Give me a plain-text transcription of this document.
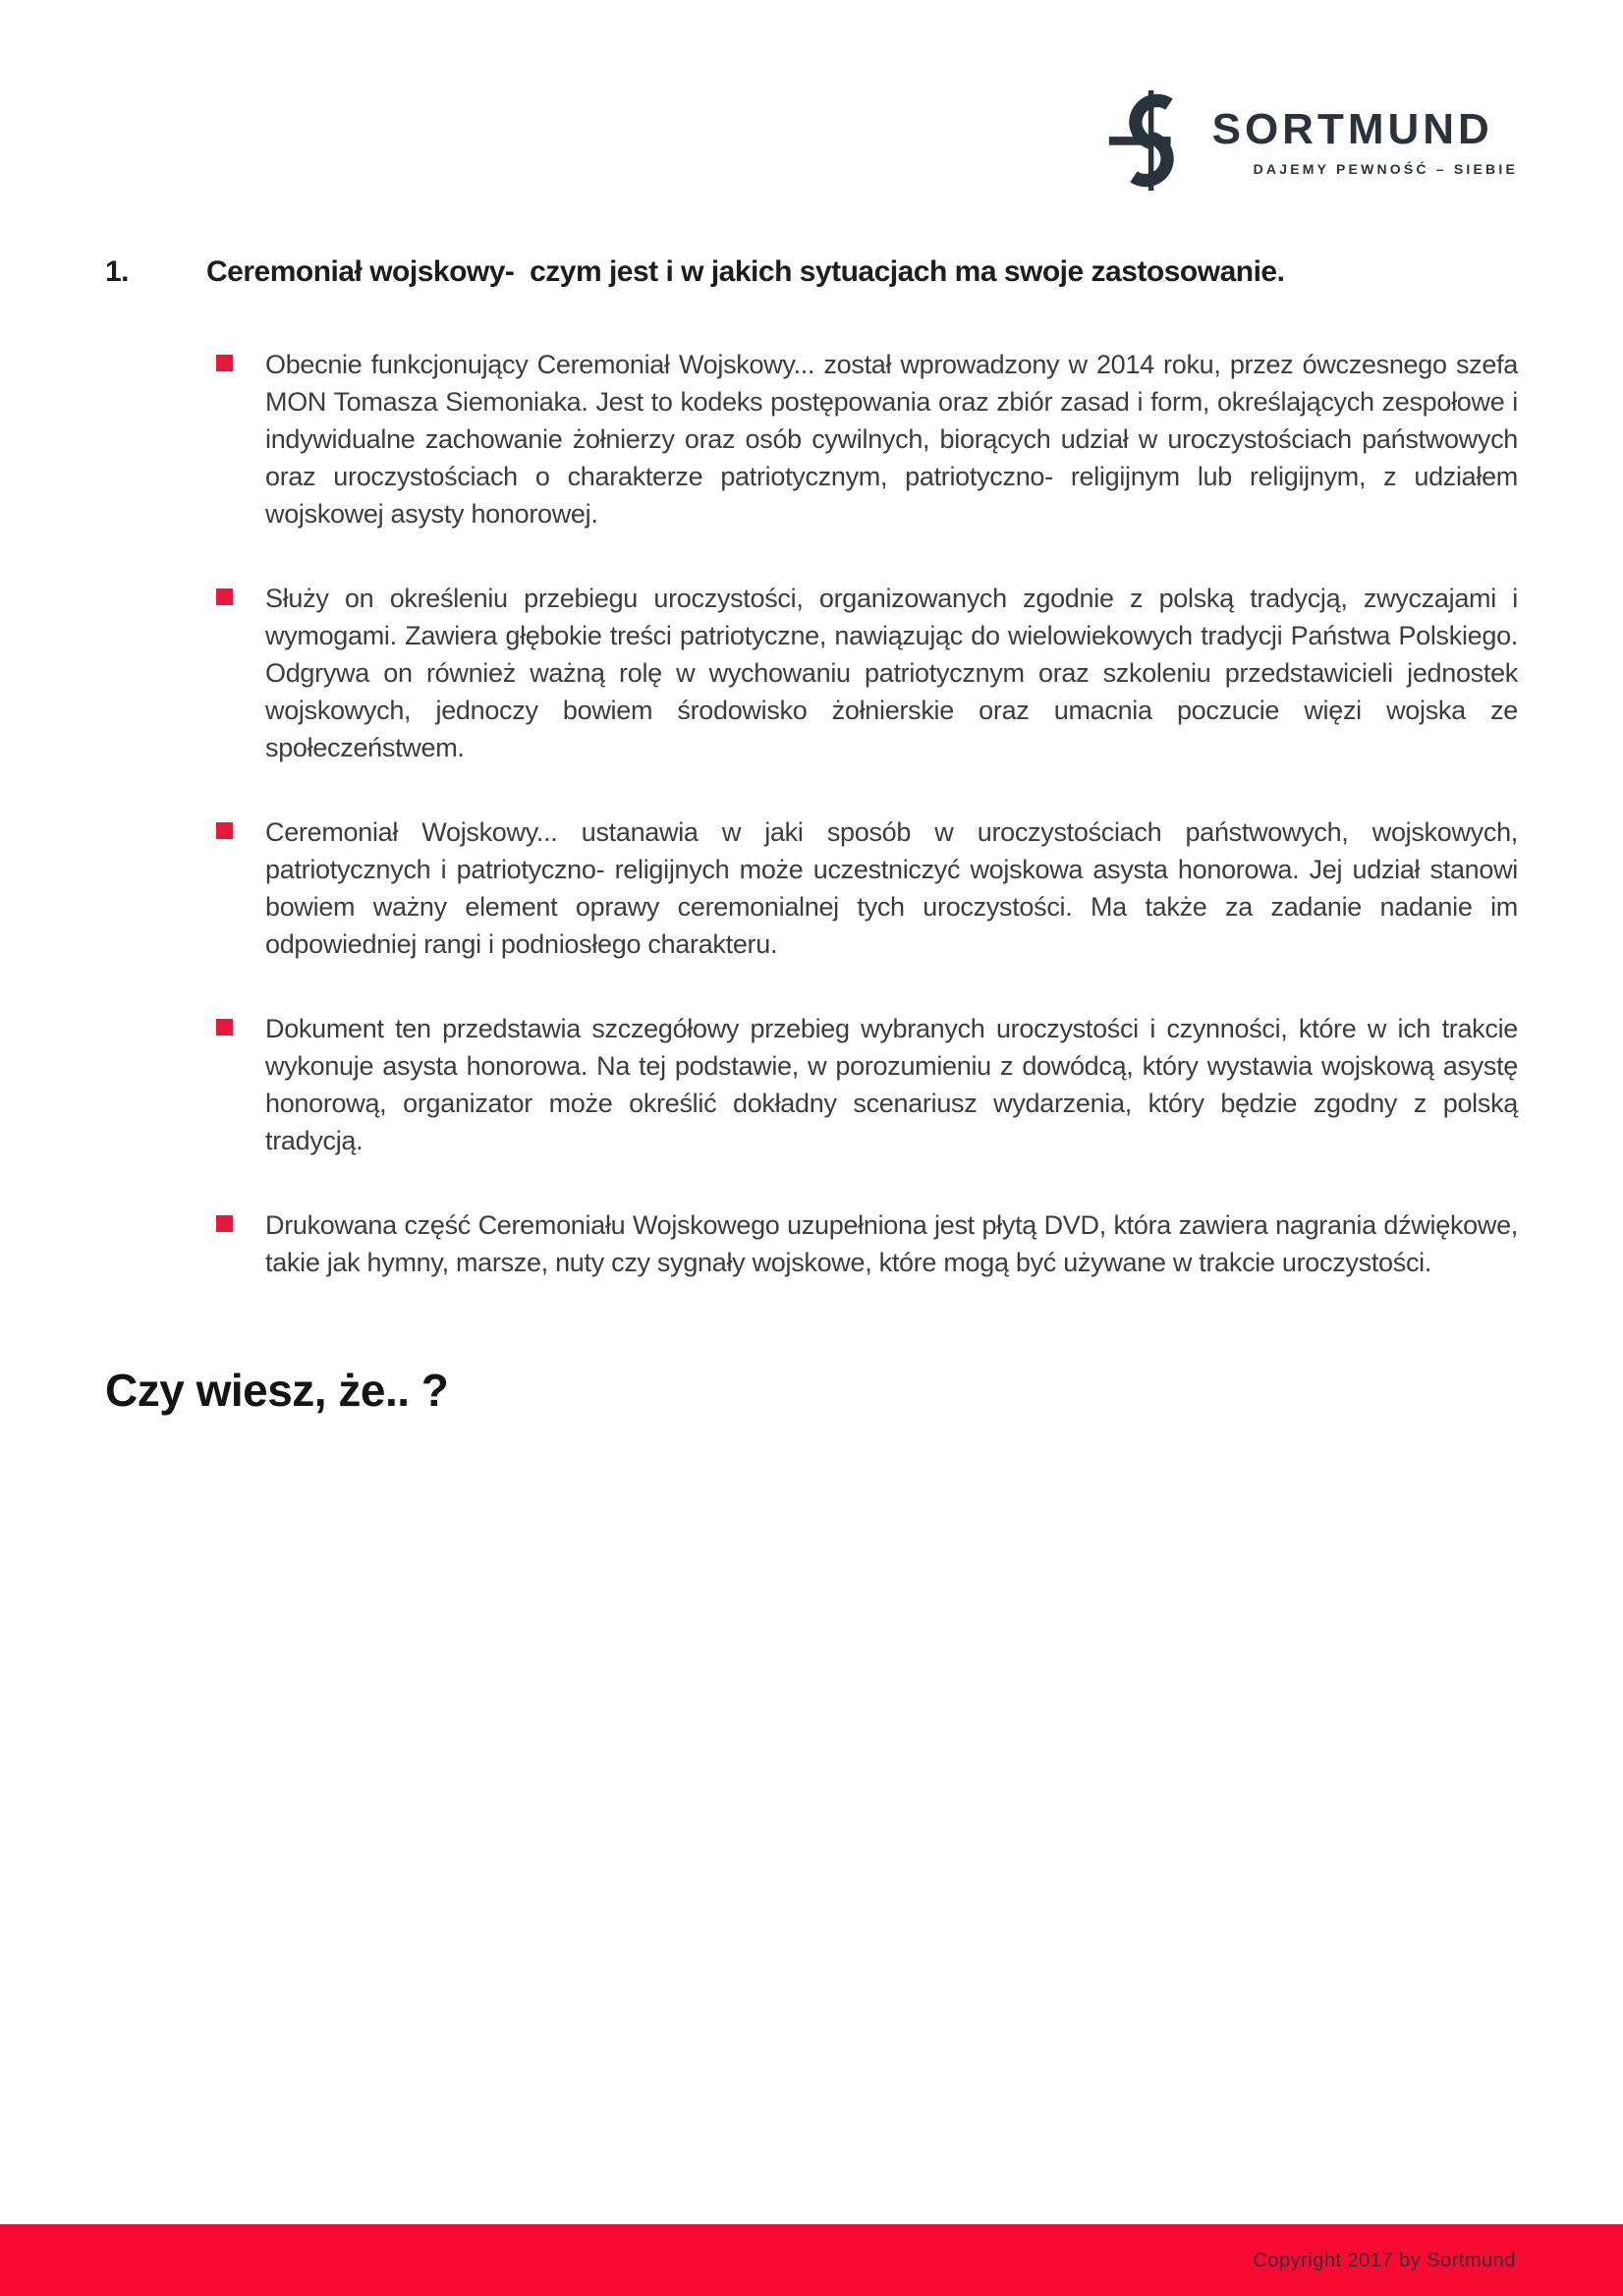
SORTMUND
DAJEMY PEWNOŚĆ – SIEBIE
1.	Ceremoniał wojskowy-  czym jest i w jakich sytuacjach ma swoje zastosowanie.

Obecnie funkcjonujący Ceremoniał Wojskowy... został wprowadzony w 2014 roku, przez ówczesnego szefa MON Tomasza Siemoniaka. Jest to kodeks postępowania oraz zbiór zasad i form, określających zespołowe i indywidualne zachowanie żołnierzy oraz osób cywilnych, biorących udział w uroczystościach państwowych oraz uroczystościach o charakterze patriotycznym, patriotyczno- religijnym lub religijnym, z udziałem wojskowej asysty honorowej.

Służy on określeniu przebiegu uroczystości, organizowanych zgodnie z polską tradycją, zwyczajami i wymogami. Zawiera głębokie treści patriotyczne, nawiązując do wielowiekowych tradycji Państwa Polskiego. Odgrywa on również ważną rolę w wychowaniu patriotycznym oraz szkoleniu przedstawicieli jednostek wojskowych, jednoczy bowiem środowisko żołnierskie oraz umacnia poczucie więzi wojska ze społeczeństwem.

Ceremoniał Wojskowy... ustanawia w jaki sposób w uroczystościach państwowych, wojskowych, patriotycznych i patriotyczno- religijnych może uczestniczyć wojskowa asysta honorowa. Jej udział stanowi bowiem ważny element oprawy ceremonialnej tych uroczystości. Ma także za zadanie nadanie im odpowiedniej rangi i podniosłego charakteru.

Dokument ten przedstawia szczegółowy przebieg wybranych uroczystości i czynności, które w ich trakcie wykonuje asysta honorowa. Na tej podstawie, w porozumieniu z dowódcą, który wystawia wojskową asystę honorową, organizator może określić dokładny scenariusz wydarzenia, który będzie zgodny z polską tradycją.

Drukowana część Ceremoniału Wojskowego uzupełniona jest płytą DVD, która zawiera nagrania dźwiękowe, takie jak hymny, marsze, nuty czy sygnały wojskowe, które mogą być używane w trakcie uroczystości.

Czy wiesz, że.. ?
Copyright 2017 by Sortmund
